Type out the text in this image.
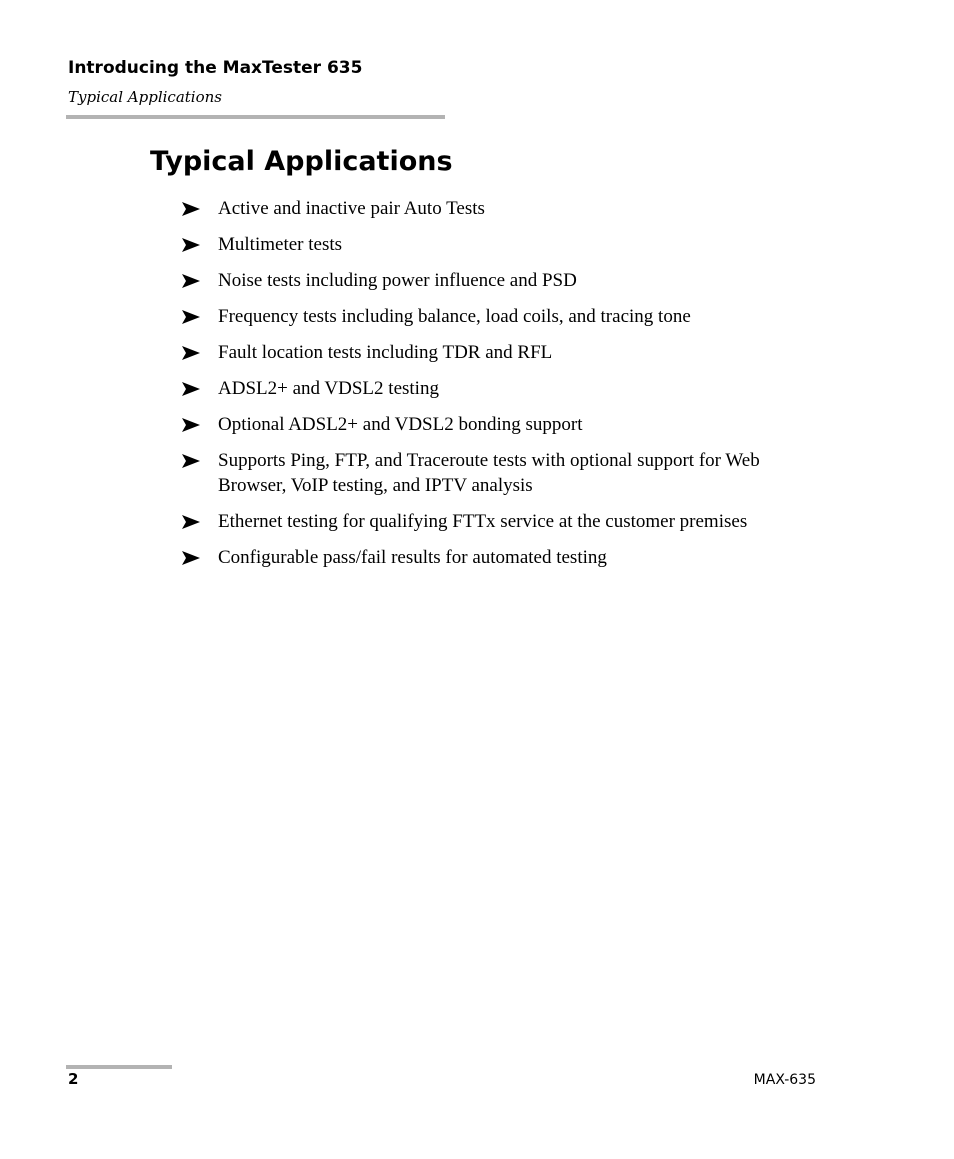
Introducing the MaxTester 635
Typical Applications
Typical Applications
Active and inactive pair Auto Tests
Multimeter tests
Noise tests including power influence and PSD
Frequency tests including balance, load coils, and tracing tone
Fault location tests including TDR and RFL
ADSL2+ and VDSL2 testing
Optional ADSL2+ and VDSL2 bonding support
Supports Ping, FTP, and Traceroute tests with optional support for Web Browser, VoIP testing, and IPTV analysis
Ethernet testing for qualifying FTTx service at the customer premises
Configurable pass/fail results for automated testing
2	MAX-635
